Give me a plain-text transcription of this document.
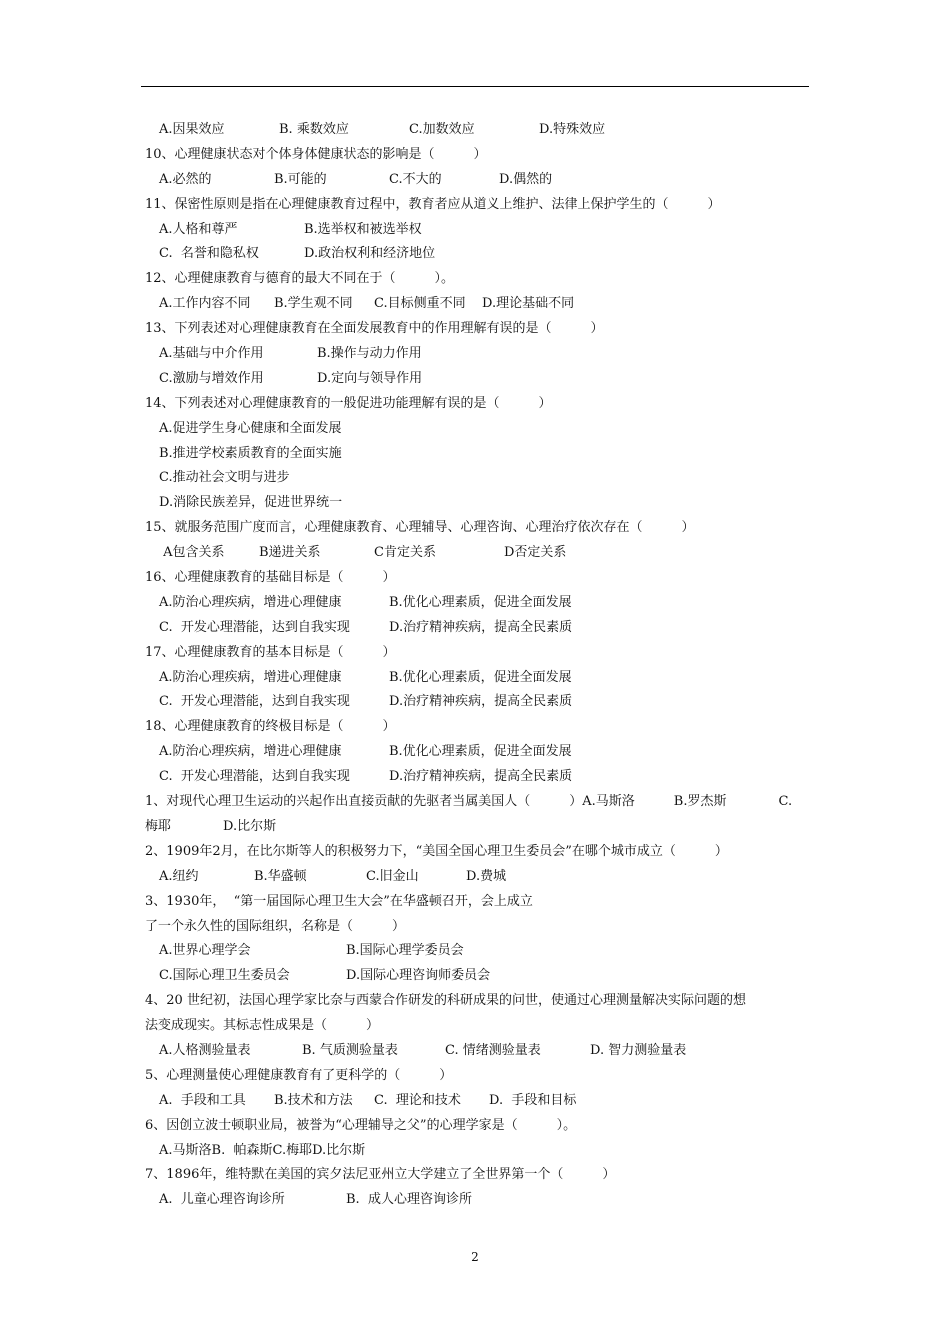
A.因果效应	B. 乘数效应	C.加数效应	D.特殊效应
10、心理健康状态对个体身体健康状态的影响是（　　　）
A.必然的	B.可能的	C.不大的	D.偶然的
11、保密性原则是指在心理健康教育过程中，教育者应从道义上维护、法律上保护学生的（　　　）
A.人格和尊严	B.选举权和被选举权
C.  名誉和隐私权	D.政治权利和经济地位
12、心理健康教育与德育的最大不同在于（　　　）。
A.工作内容不同 B.学生观不同 C.目标侧重不同 D.理论基础不同
13、下列表述对心理健康教育在全面发展教育中的作用理解有误的是（　　　）
A.基础与中介作用	B.操作与动力作用
C.激励与增效作用	D.定向与领导作用
14、下列表述对心理健康教育的一般促进功能理解有误的是（　　　）
A.促进学生身心健康和全面发展
B.推进学校素质教育的全面实施
C.推动社会文明与进步
D.消除民族差异，促进世界统一
15、就服务范围广度而言，心理健康教育、心理辅导、心理咨询、心理治疗依次存在（　　　）
A包含关系	B递进关系	C肯定关系	D否定关系
16、心理健康教育的基础目标是（　　　）
A.防治心理疾病，增进心理健康	B.优化心理素质，促进全面发展
C.  开发心理潜能，达到自我实现	D.治疗精神疾病，提高全民素质
17、心理健康教育的基本目标是（　　　）
A.防治心理疾病，增进心理健康	B.优化心理素质，促进全面发展
C.  开发心理潜能，达到自我实现	D.治疗精神疾病，提高全民素质
18、心理健康教育的终极目标是（　　　）
A.防治心理疾病，增进心理健康	B.优化心理素质，促进全面发展
C.  开发心理潜能，达到自我实现	D.治疗精神疾病，提高全民素质
1、对现代心理卫生运动的兴起作出直接贡献的先驱者当属美国人（　　　）A.马斯洛　　　B.罗杰斯　　　　C.
梅耶　　　　D.比尔斯
2、1909年2月，在比尔斯等人的积极努力下，“美国全国心理卫生委员会”在哪个城市成立（　　　）
A.纽约	B.华盛顿	C.旧金山	D.费城
3、1930年，  “第一届国际心理卫生大会”在华盛顿召开，会上成立
了一个永久性的国际组织，名称是（　　　）
A.世界心理学会	B.国际心理学委员会
C.国际心理卫生委员会	D.国际心理咨询师委员会
4、20 世纪初，法国心理学家比奈与西蒙合作研发的科研成果的问世，使通过心理测量解决实际问题的想
法变成现实。其标志性成果是（　　　）
A.人格测验量表	B. 气质测验量表	C. 情绪测验量表	D. 智力测验量表
5、心理测量使心理健康教育有了更科学的（　　　）
A.  手段和工具 B.技术和方法 C.  理论和技术 D.  手段和目标
6、因创立波士顿职业局，被誉为“心理辅导之父”的心理学家是（　　　）。
A.马斯洛B.  帕森斯C.梅耶D.比尔斯
7、1896年，维特默在美国的宾夕法尼亚州立大学建立了全世界第一个（　　　）
A.  儿童心理咨询诊所	B.  成人心理咨询诊所
2
